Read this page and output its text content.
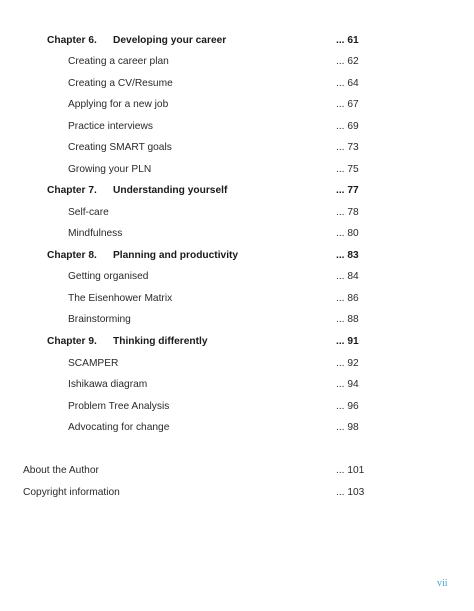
Chapter 6. Developing your career	... 61
Creating a career plan	... 62
Creating a CV/Resume	... 64
Applying for a new job	... 67
Practice interviews	... 69
Creating SMART goals	... 73
Growing your PLN	... 75
Chapter 7. Understanding yourself	... 77
Self-care	... 78
Mindfulness	... 80
Chapter 8. Planning and productivity	... 83
Getting organised	... 84
The Eisenhower Matrix	... 86
Brainstorming	... 88
Chapter 9. Thinking differently	... 91
SCAMPER	... 92
Ishikawa diagram	... 94
Problem Tree Analysis	... 96
Advocating for change	... 98
About the Author	... 101
Copyright information	... 103
vii
